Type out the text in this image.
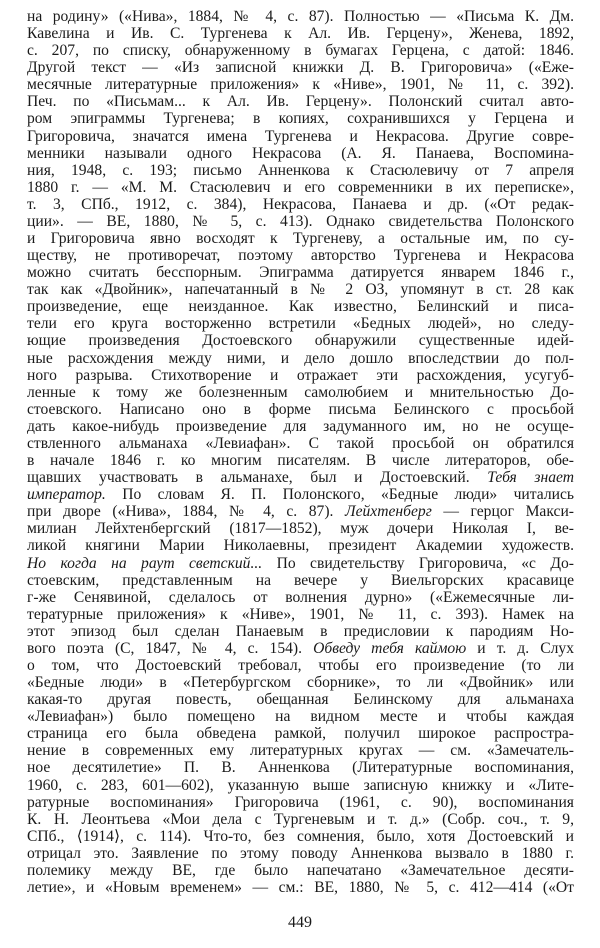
на родину» («Нива», 1884, № 4, с. 87). Полностью — «Письма К. Дм.
Кавелина и Ив. С. Тургенева к Ал. Ив. Герцену», Женева, 1892,
с. 207, по списку, обнаруженному в бумагах Герцена, с датой: 1846.
Другой текст — «Из записной книжки Д. В. Григоровича» («Еже-
месячные литературные приложения» к «Ниве», 1901, № 11, с. 392).
Печ. по «Письмам... к Ал. Ив. Герцену». Полонский считал авто-
ром эпиграммы Тургенева; в копиях, сохранившихся у Герцена и
Григоровича, значатся имена Тургенева и Некрасова. Другие совре-
менники называли одного Некрасова (А. Я. Панаева, Воспомина-
ния, 1948, с. 193; письмо Анненкова к Стасюлевичу от 7 апреля
1880 г. — «М. М. Стасюлевич и его современники в их переписке»,
т. 3, СПб., 1912, с. 384), Некрасова, Панаева и др. («От редак-
ции». — ВЕ, 1880, № 5, с. 413). Однако свидетельства Полонского
и Григоровича явно восходят к Тургеневу, а остальные им, по су-
ществу, не противоречат, поэтому авторство Тургенева и Некрасова
можно считать бесспорным. Эпиграмма датируется январем 1846 г.,
так как «Двойник», напечатанный в № 2 ОЗ, упомянут в ст. 28 как
произведение, еще неизданное. Как известно, Белинский и писа-
тели его круга восторженно встретили «Бедных людей», но следу-
ющие произведения Достоевского обнаружили существенные идей-
ные расхождения между ними, и дело дошло впоследствии до пол-
ного разрыва. Стихотворение и отражает эти расхождения, усугуб-
ленные к тому же болезненным самолюбием и мнительностью До-
стоевского. Написано оно в форме письма Белинского с просьбой
дать какое-нибудь произведение для задуманного им, но не осуще-
ствленного альманаха «Левиафан». С такой просьбой он обратился
в начале 1846 г. ко многим писателям. В числе литераторов, обе-
щавших участвовать в альманахе, был и Достоевский. Тебя знает
император. По словам Я. П. Полонского, «Бедные люди» читались
при дворе («Нива», 1884, № 4, с. 87). Лейхтенберг — герцог Макси-
милиан Лейхтенбергский (1817—1852), муж дочери Николая I, ве-
ликой княгини Марии Николаевны, президент Академии художеств.
Но когда на раут светский... По свидетельству Григоровича, «с До-
стоевским, представленным на вечере у Виельгорских красавице
г-же Сенявиной, сделалось от волнения дурно» («Ежемесячные ли-
тературные приложения» к «Ниве», 1901, № 11, с. 393). Намек на
этот эпизод был сделан Панаевым в предисловии к пародиям Но-
вого поэта (С, 1847, № 4, с. 154). Обведу тебя каймою и т. д. Слух
о том, что Достоевский требовал, чтобы его произведение (то ли
«Бедные люди» в «Петербургском сборнике», то ли «Двойник» или
какая-то другая повесть, обещанная Белинскому для альманаха
«Левиафан») было помещено на видном месте и чтобы каждая
страница его была обведена рамкой, получил широкое распростра-
нение в современных ему литературных кругах — см. «Замечатель-
ное десятилетие» П. В. Анненкова (Литературные воспоминания,
1960, с. 283, 601—602), указанную выше записную книжку и «Лите-
ратурные воспоминания» Григоровича (1961, с. 90), воспоминания
К. Н. Леонтьева «Мои дела с Тургеневым и т. д.» (Собр. соч., т. 9,
СПб., ⟨1914⟩, с. 114). Что-то, без сомнения, было, хотя Достоевский и
отрицал это. Заявление по этому поводу Анненкова вызвало в 1880 г.
полемику между ВЕ, где было напечатано «Замечательное десяти-
летие», и «Новым временем» — см.: ВЕ, 1880, № 5, с. 412—414 («От
449
